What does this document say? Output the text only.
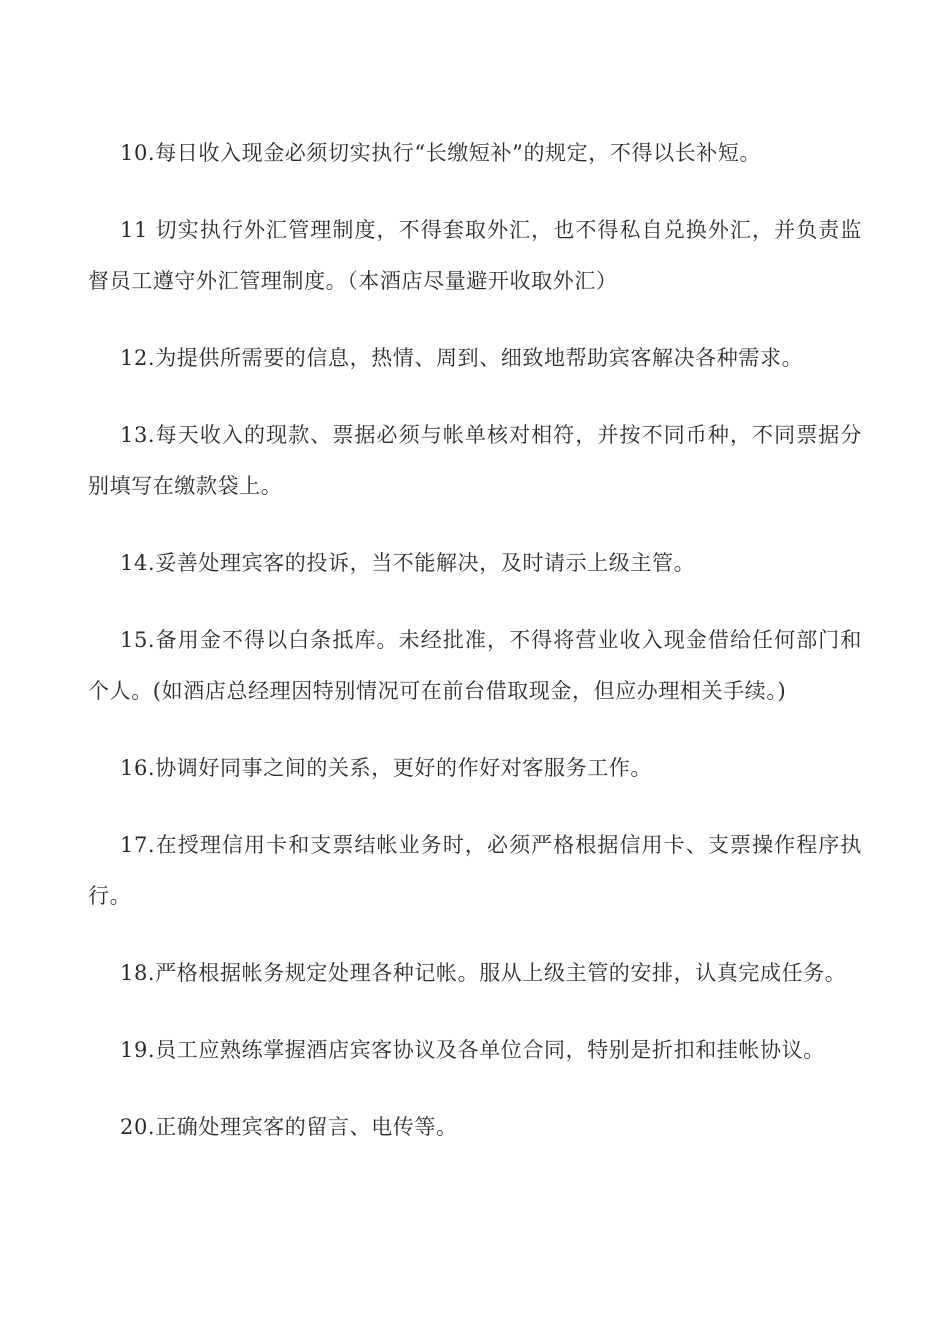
10.每日收入现金必须切实执行“长缴短补”的规定，不得以长补短。

11 切实执行外汇管理制度，不得套取外汇，也不得私自兑换外汇，并负责监督员工遵守外汇管理制度。（本酒店尽量避开收取外汇）

12.为提供所需要的信息，热情、周到、细致地帮助宾客解决各种需求。

13.每天收入的现款、票据必须与帐单核对相符，并按不同币种，不同票据分别填写在缴款袋上。

14.妥善处理宾客的投诉，当不能解决，及时请示上级主管。

15.备用金不得以白条抵库。未经批准，不得将营业收入现金借给任何部门和个人。(如酒店总经理因特别情况可在前台借取现金，但应办理相关手续。)

16.协调好同事之间的关系，更好的作好对客服务工作。

17.在授理信用卡和支票结帐业务时，必须严格根据信用卡、支票操作程序执行。

18.严格根据帐务规定处理各种记帐。服从上级主管的安排，认真完成任务。

19.员工应熟练掌握酒店宾客协议及各单位合同，特别是折扣和挂帐协议。

20.正确处理宾客的留言、电传等。
